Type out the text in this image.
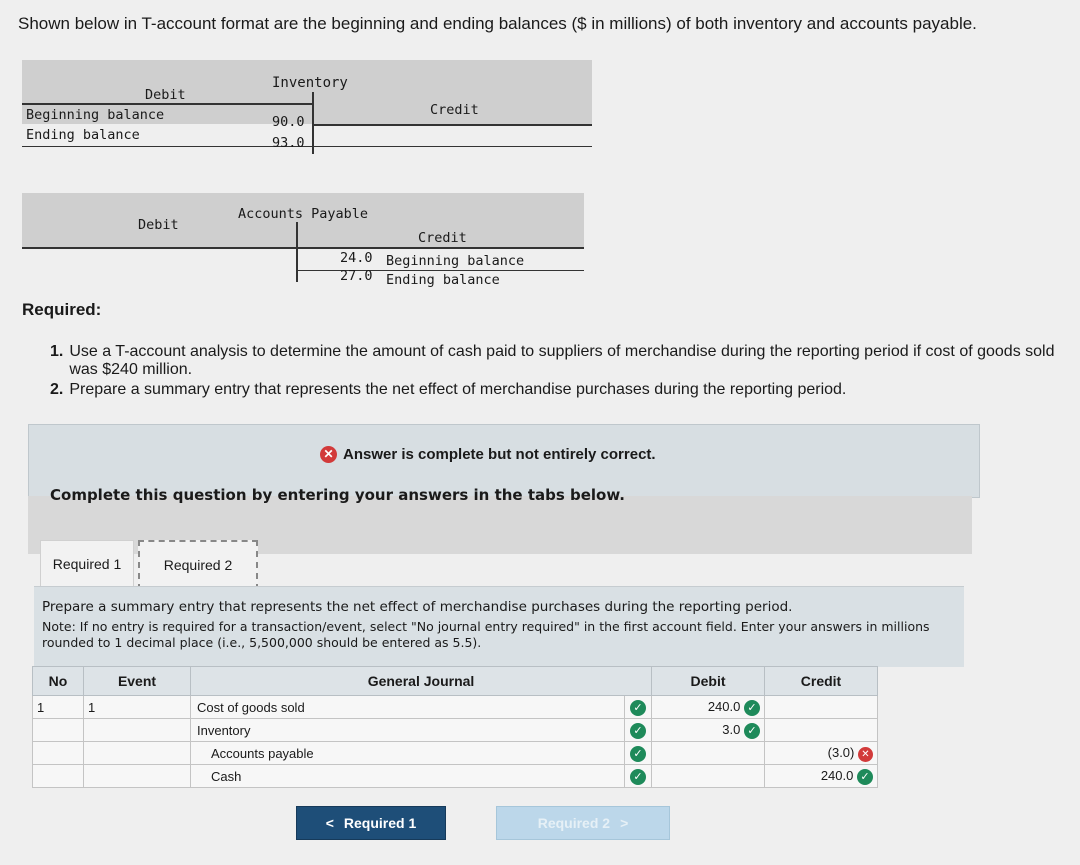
Shown below in T-account format are the beginning and ending balances ($ in millions) of both inventory and accounts payable.
Inventory
Debit
Credit
Beginning balance	90.0
Ending balance	93.0
Accounts Payable
Debit
Credit
24.0 Beginning balance
27.0 Ending balance
Required:
1. Use a T-account analysis to determine the amount of cash paid to suppliers of merchandise during the reporting period if cost of goods sold was $240 million.
2. Prepare a summary entry that represents the net effect of merchandise purchases during the reporting period.
✕ Answer is complete but not entirely correct.
Complete this question by entering your answers in the tabs below.
Required 1	Required 2
Prepare a summary entry that represents the net effect of merchandise purchases during the reporting period.
Note: If no entry is required for a transaction/event, select "No journal entry required" in the first account field. Enter your answers in millions rounded to 1 decimal place (i.e., 5,500,000 should be entered as 5.5).
No	Event	General Journal		Debit	Credit
1	1	Cost of goods sold	✓	240.0 ✓	
		Inventory	✓	3.0 ✓	
		Accounts payable	✓		(3.0) ✕
		Cash	✓		240.0 ✓
< Required 1	Required 2 >
